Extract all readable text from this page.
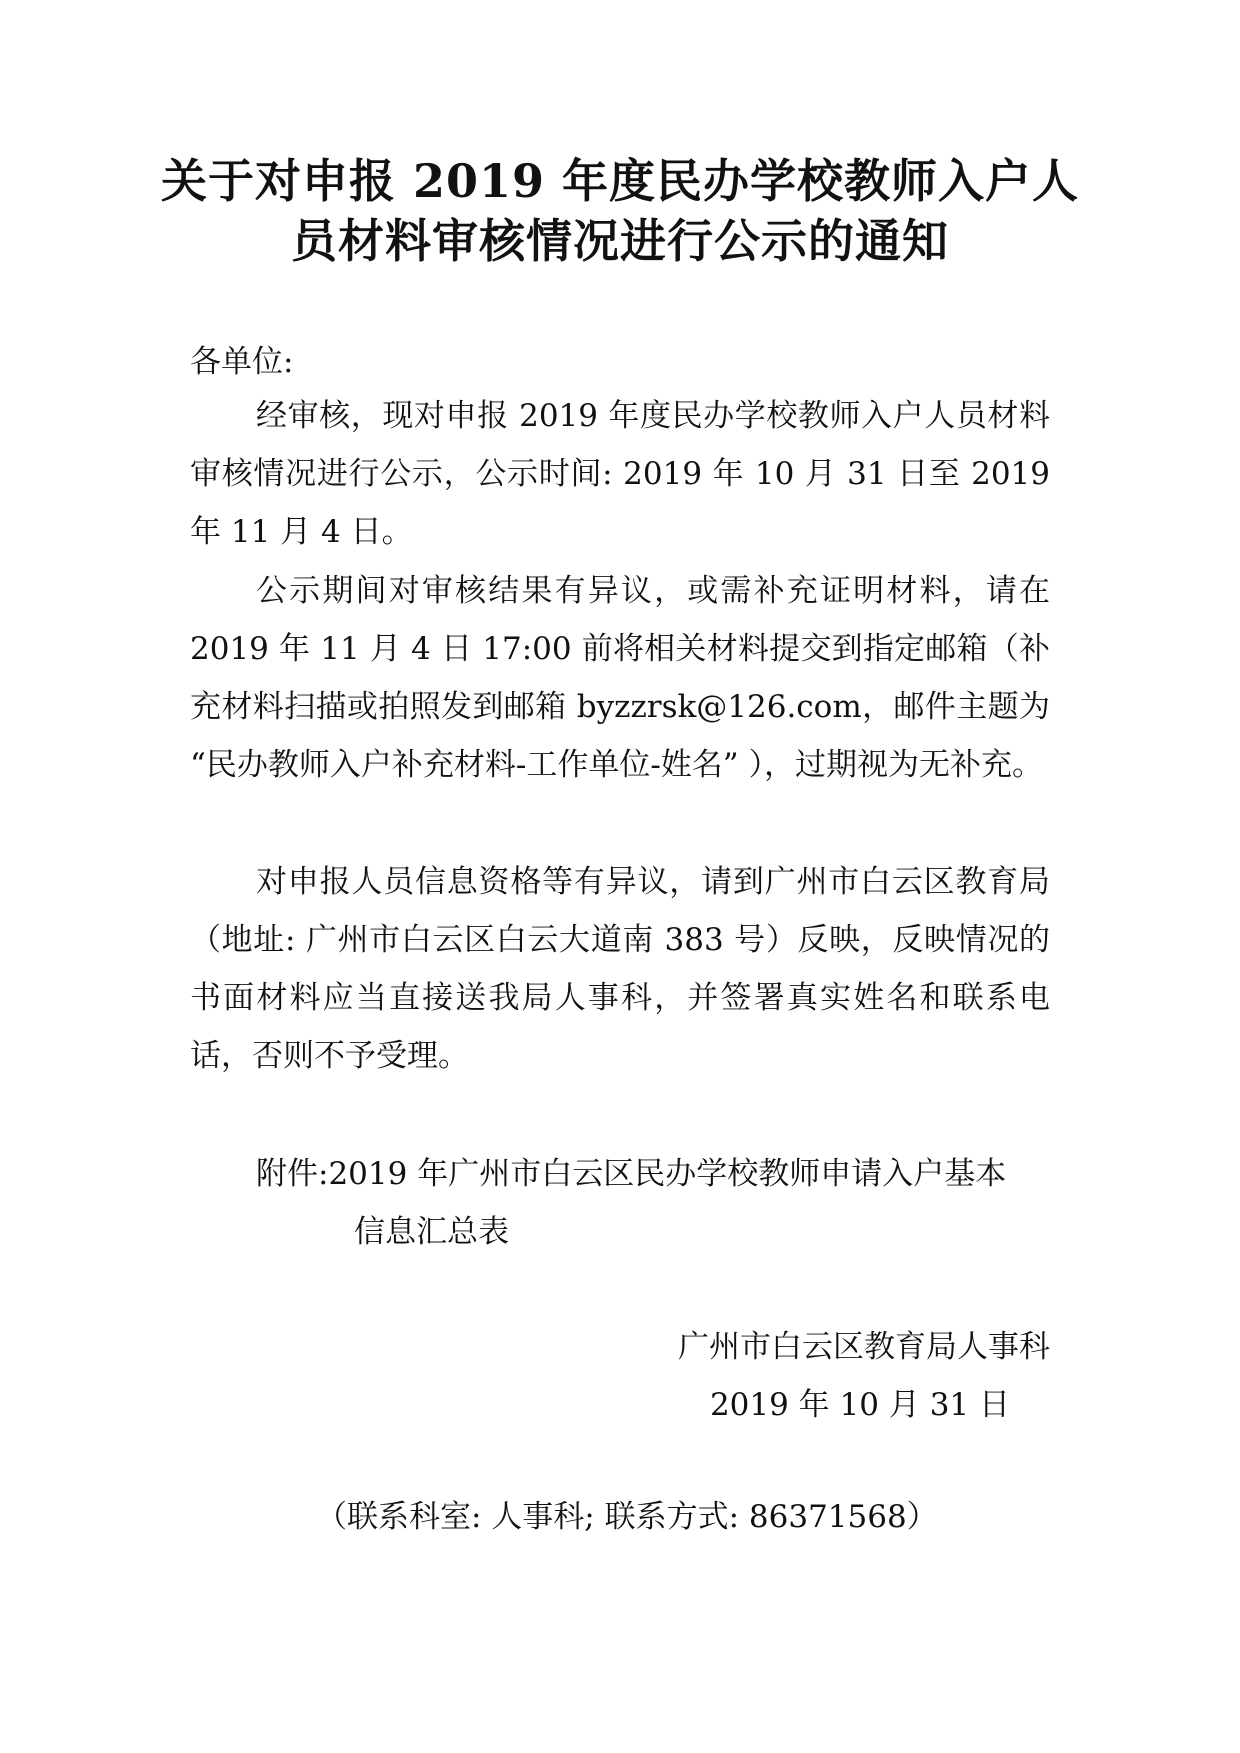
关于对申报 2019 年度民办学校教师入户人
员材料审核情况进行公示的通知
各单位:
经审核，现对申报 2019 年度民办学校教师入户人员材料审核情况进行公示，公示时间: 2019 年 10 月 31 日至 2019 年 11 月 4 日。
公示期间对审核结果有异议，或需补充证明材料，请在 2019 年 11 月 4 日 17:00 前将相关材料提交到指定邮箱（补充材料扫描或拍照发到邮箱 byzzrsk@126.com，邮件主题为 “民办教师入户补充材料-工作单位-姓名” ），过期视为无补充。
对申报人员信息资格等有异议，请到广州市白云区教育局（地址: 广州市白云区白云大道南 383 号）反映，反映情况的书面材料应当直接送我局人事科，并签署真实姓名和联系电话，否则不予受理。
附件:2019 年广州市白云区民办学校教师申请入户基本
信息汇总表
广州市白云区教育局人事科
2019 年 10 月 31 日
（联系科室: 人事科; 联系方式: 86371568）
